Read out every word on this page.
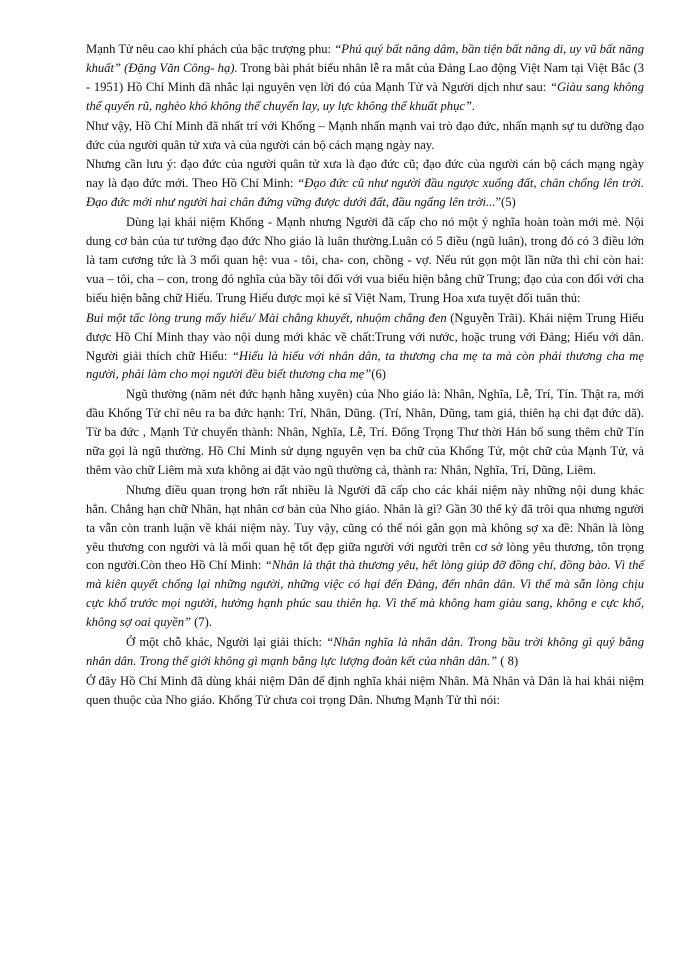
Mạnh Tử nêu cao khí phách của bậc trượng phu: “Phú quý bất năng dâm, bần tiện bất năng di, uy vũ bất năng khuất” (Đặng Văn Công- hạ). Trong bài phát biểu nhân lễ ra mắt của Đảng Lao động Việt Nam tại Việt Bắc (3 - 1951) Hồ Chí Minh đã nhắc lại nguyên vẹn lời đó của Mạnh Tử và Người dịch như sau: “Giàu sang không thể quyến rũ, nghèo khó không thể chuyển lay, uy lực không thể khuất phục”.

Như vậy, Hồ Chí Minh đã nhất trí với Khổng – Mạnh nhấn mạnh vai trò đạo đức, nhấn mạnh sự tu dưỡng đạo đức của người quân tử xưa và của người cán bộ cách mạng ngày nay.

Nhưng cần lưu ý: đạo đức của người quân tử xưa là đạo đức cũ; đạo đức của người cán bộ cách mạng ngày nay là đạo đức mới. Theo Hồ Chí Minh: “Đạo đức cũ như người đầu ngược xuống đất, chân chổng lên trời. Đạo đức mới như người hai chân đứng vững được dưới đất, đầu ngẩng lên trời...”(5)

Dùng lại khái niệm Khổng - Mạnh nhưng Người đã cấp cho nó một ý nghĩa hoàn toàn mới mẻ. Nội dung cơ bản của tư tưởng đạo đức Nho giáo là luân thường.Luân có 5 điều (ngũ luân), trong đó có 3 điều lớn là tam cương tức là 3 mối quan hệ: vua - tôi, cha- con, chồng - vợ. Nếu rút gọn một lần nữa thì chỉ còn hai: vua – tôi, cha – con, trong đó nghĩa của bầy tôi đối với vua biểu hiện bằng chữ Trung; đạo của con đối với cha biểu hiện bằng chữ Hiếu. Trung Hiếu được mọi kẻ sĩ Việt Nam, Trung Hoa xưa tuyệt đối tuân thủ:

Bui một tấc lòng trung mấy hiếu/ Mài chẳng khuyết, nhuộm chẳng đen (Nguyễn Trãi). Khái niệm Trung Hiếu được Hồ Chí Minh thay vào nội dung mới khác về chất:Trung với nước, hoặc trung với Đảng; Hiếu với dân. Người giải thích chữ Hiếu: “Hiếu là hiếu với nhân dân, ta thương cha mẹ ta mà còn phải thương cha mẹ người, phải làm cho mọi người đều biết thương cha mẹ”(6)

Ngũ thường (năm nét đức hạnh hằng xuyên) của Nho giáo là: Nhân, Nghĩa, Lễ, Trí, Tín. Thật ra, mới đầu Khổng Tử chỉ nêu ra ba đức hạnh: Trí, Nhân, Dũng. (Trí, Nhân, Dũng, tam giả, thiên hạ chi đạt đức dã). Từ ba đức , Mạnh Tử chuyển thành: Nhân, Nghĩa, Lễ, Trí. Đổng Trọng Thư thời Hán bổ sung thêm chữ Tín nữa gọi là ngũ thường. Hồ Chí Minh sử dụng nguyên vẹn ba chữ của Khổng Tử, một chữ của Mạnh Tử, và thêm vào chữ Liêm mà xưa không ai đặt vào ngũ thường cả, thành ra: Nhân, Nghĩa, Trí, Dũng, Liêm.

Nhưng điều quan trọng hơn rất nhiều là Người đã cấp cho các khái niệm này những nội dung khác hẳn. Chẳng hạn chữ Nhân, hạt nhân cơ bản của Nho giáo. Nhân là gì? Gần 30 thế kỷ đã trôi qua nhưng người ta vẫn còn tranh luận về khái niệm này. Tuy vậy, cũng có thể nói gắn gọn mà không sợ xa đề: Nhân là lòng yêu thương con người và là mối quan hệ tốt đẹp giữa người với người trên cơ sở lòng yêu thương, tôn trọng con người.Còn theo Hồ Chí Minh: “Nhân là thật thà thương yêu, hết lòng giúp đỡ đồng chí, đồng bào. Vì thế mà kiên quyết chống lại những người, những việc có hại đến Đảng, đến nhân dân. Vì thế mà sẵn lòng chịu cực khổ trước mọi người, hưởng hạnh phúc sau thiên hạ. Vì thế mà không ham giàu sang, không e cực khổ, không sợ oai quyền” (7).

Ở một chỗ khác, Người lại giải thích: “Nhân nghĩa là nhân dân. Trong bầu trời không gì quý bằng nhân dân. Trong thế giới không gì mạnh bằng lực lượng đoàn kết của nhân dân.” ( 8)

Ở đây Hồ Chí Minh đã dùng khái niệm Dân để định nghĩa khái niệm Nhân. Mà Nhân và Dân là hai khái niệm quen thuộc của Nho giáo. Khổng Tử chưa coi trọng Dân. Nhưng Mạnh Tử thì nói:
